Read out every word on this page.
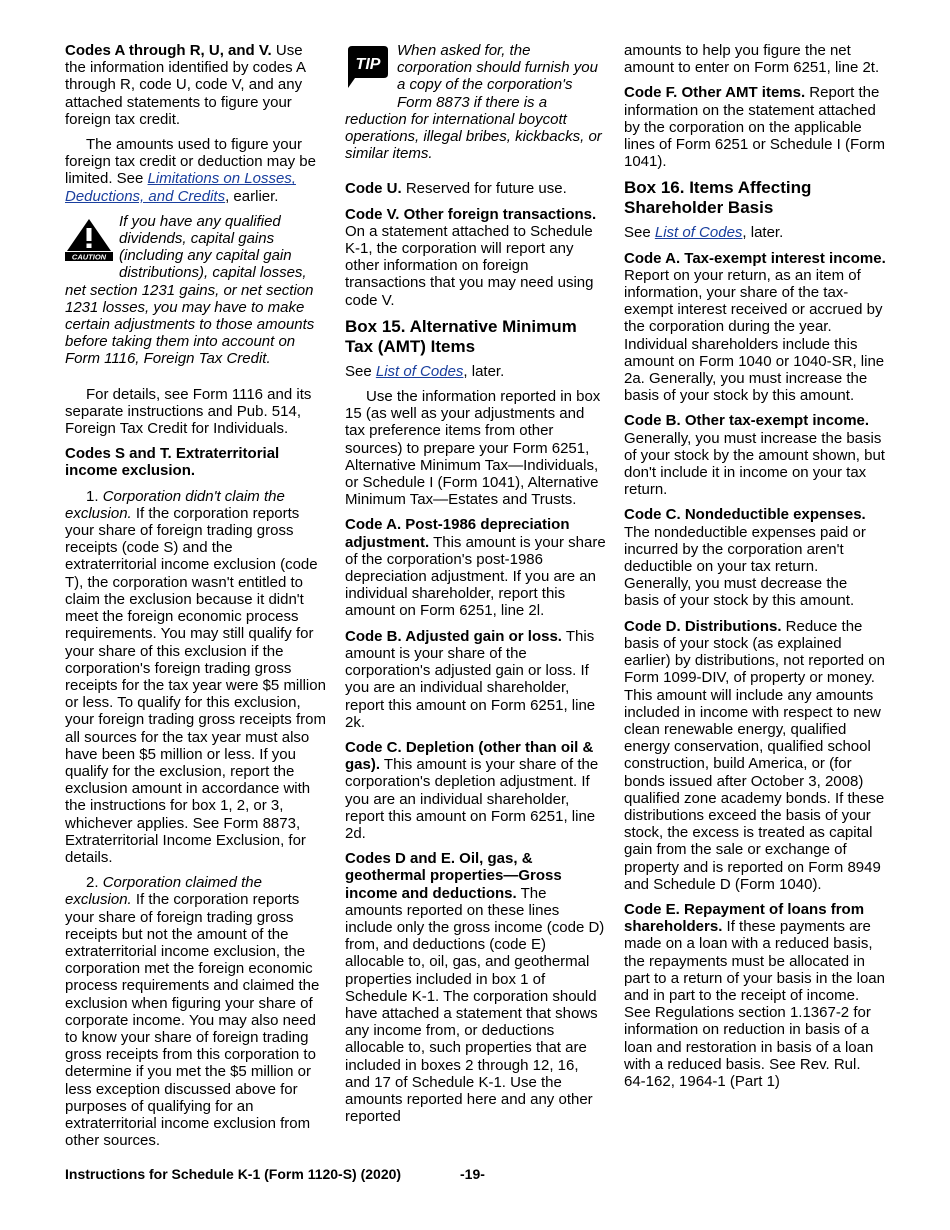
Codes A through R, U, and V. Use the information identified by codes A through R, code U, code V, and any attached statements to figure your foreign tax credit.

The amounts used to figure your foreign tax credit or deduction may be limited. See Limitations on Losses, Deductions, and Credits, earlier.

CAUTION
If you have any qualified dividends, capital gains (including any capital gain distributions), capital losses, net section 1231 gains, or net section 1231 losses, you may have to make certain adjustments to those amounts before taking them into account on Form 1116, Foreign Tax Credit.

For details, see Form 1116 and its separate instructions and Pub. 514, Foreign Tax Credit for Individuals.

Codes S and T. Extraterritorial income exclusion.

1. Corporation didn't claim the exclusion. If the corporation reports your share of foreign trading gross receipts (code S) and the extraterritorial income exclusion (code T), the corporation wasn't entitled to claim the exclusion because it didn't meet the foreign economic process requirements. You may still qualify for your share of this exclusion if the corporation's foreign trading gross receipts for the tax year were $5 million or less. To qualify for this exclusion, your foreign trading gross receipts from all sources for the tax year must also have been $5 million or less. If you qualify for the exclusion, report the exclusion amount in accordance with the instructions for box 1, 2, or 3, whichever applies. See Form 8873, Extraterritorial Income Exclusion, for details.

2. Corporation claimed the exclusion. If the corporation reports your share of foreign trading gross receipts but not the amount of the extraterritorial income exclusion, the corporation met the foreign economic process requirements and claimed the exclusion when figuring your share of corporate income. You may also need to know your share of foreign trading gross receipts from this corporation to determine if you met the $5 million or less exception discussed above for purposes of qualifying for an extraterritorial income exclusion from other sources.

TIP
When asked for, the corporation should furnish you a copy of the corporation's Form 8873 if there is a reduction for international boycott operations, illegal bribes, kickbacks, or similar items.

Code U. Reserved for future use.

Code V. Other foreign transactions. On a statement attached to Schedule K-1, the corporation will report any other information on foreign transactions that you may need using code V.

Box 15. Alternative Minimum Tax (AMT) Items

See List of Codes, later.

Use the information reported in box 15 (as well as your adjustments and tax preference items from other sources) to prepare your Form 6251, Alternative Minimum Tax—Individuals, or Schedule I (Form 1041), Alternative Minimum Tax—Estates and Trusts.

Code A. Post-1986 depreciation adjustment. This amount is your share of the corporation's post-1986 depreciation adjustment. If you are an individual shareholder, report this amount on Form 6251, line 2l.

Code B. Adjusted gain or loss. This amount is your share of the corporation's adjusted gain or loss. If you are an individual shareholder, report this amount on Form 6251, line 2k.

Code C. Depletion (other than oil & gas). This amount is your share of the corporation's depletion adjustment. If you are an individual shareholder, report this amount on Form 6251, line 2d.

Codes D and E. Oil, gas, & geothermal properties—Gross income and deductions. The amounts reported on these lines include only the gross income (code D) from, and deductions (code E) allocable to, oil, gas, and geothermal properties included in box 1 of Schedule K-1. The corporation should have attached a statement that shows any income from, or deductions allocable to, such properties that are included in boxes 2 through 12, 16, and 17 of Schedule K-1. Use the amounts reported here and any other reported

amounts to help you figure the net amount to enter on Form 6251, line 2t.

Code F. Other AMT items. Report the information on the statement attached by the corporation on the applicable lines of Form 6251 or Schedule I (Form 1041).

Box 16. Items Affecting Shareholder Basis

See List of Codes, later.

Code A. Tax-exempt interest income. Report on your return, as an item of information, your share of the tax-exempt interest received or accrued by the corporation during the year. Individual shareholders include this amount on Form 1040 or 1040-SR, line 2a. Generally, you must increase the basis of your stock by this amount.

Code B. Other tax-exempt income. Generally, you must increase the basis of your stock by the amount shown, but don't include it in income on your tax return.

Code C. Nondeductible expenses. The nondeductible expenses paid or incurred by the corporation aren't deductible on your tax return. Generally, you must decrease the basis of your stock by this amount.

Code D. Distributions. Reduce the basis of your stock (as explained earlier) by distributions, not reported on Form 1099-DIV, of property or money. This amount will include any amounts included in income with respect to new clean renewable energy, qualified energy conservation, qualified school construction, build America, or (for bonds issued after October 3, 2008) qualified zone academy bonds. If these distributions exceed the basis of your stock, the excess is treated as capital gain from the sale or exchange of property and is reported on Form 8949 and Schedule D (Form 1040).

Code E. Repayment of loans from shareholders. If these payments are made on a loan with a reduced basis, the repayments must be allocated in part to a return of your basis in the loan and in part to the receipt of income. See Regulations section 1.1367-2 for information on reduction in basis of a loan and restoration in basis of a loan with a reduced basis. See Rev. Rul. 64-162, 1964-1 (Part 1)

Instructions for Schedule K-1 (Form 1120-S) (2020)	-19-
